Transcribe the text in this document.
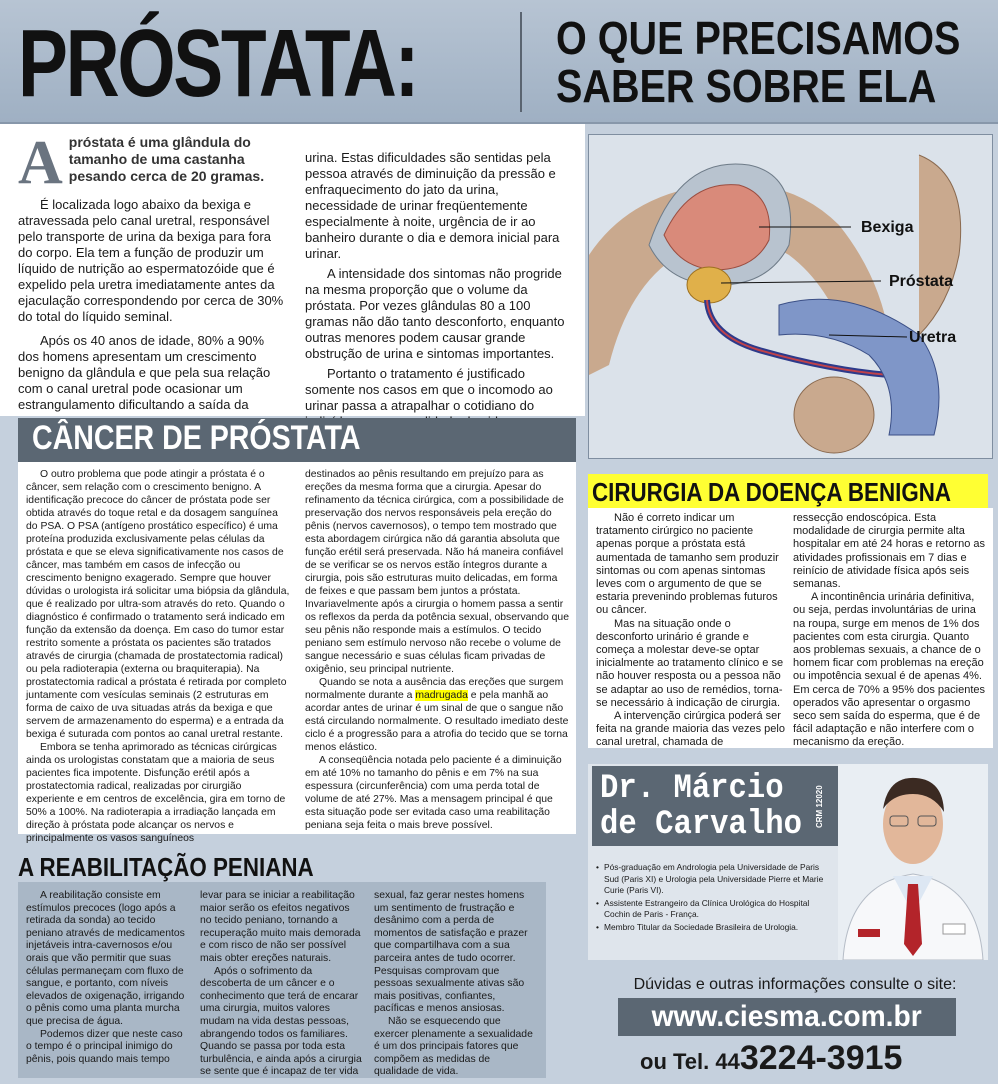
PRÓSTATA:	O QUE PRECISAMOS
SABER SOBRE ELA

A próstata é uma glândula do tamanho de uma castanha pesando cerca de 20 gramas.

É localizada logo abaixo da bexiga e atravessada pelo canal uretral, responsável pelo transporte de urina da bexiga para fora do corpo. Ela tem a função de produzir um líquido de nutrição ao espermatozóide que é expelido pela uretra imediatamente antes da ejaculação correspondendo por cerca de 30% do total do líquido seminal.

Após os 40 anos de idade, 80% a 90% dos homens apresentam um crescimento benigno da glândula e que pela sua relação com o canal uretral pode ocasionar um estrangulamento dificultando a saída da

urina. Estas dificuldades são sentidas pela pessoa através de diminuição da pressão e enfraquecimento do jato da urina, necessidade de urinar freqüentemente especialmente à noite, urgência de ir ao banheiro durante o dia e demora inicial para urinar.

A intensidade dos sintomas não progride na mesma proporção que o volume da próstata. Por vezes glândulas 80 a 100 gramas não dão tanto desconforto, enquanto outras menores podem causar grande obstrução de urina e sintomas importantes.

Portanto o tratamento é justificado somente nos casos em que o incomodo ao urinar passa a atrapalhar o cotidiano do

Bexiga
Próstata
Uretra
CÂNCER DE PRÓSTATA

O outro problema que pode atingir a próstata é o câncer, sem relação com o crescimento benigno. A identificação precoce do câncer de próstata pode ser obtida através do toque retal e da dosagem sanguínea do PSA. O PSA (antígeno prostático específico) é uma proteína produzida exclusivamente pelas células da próstata e que se eleva significativamente nos casos de câncer, mas também em casos de infecção ou crescimento benigno exagerado. Sempre que houver dúvidas o urologista irá solicitar uma biópsia da glândula, que é realizado por ultra-som através do reto. Quando o diagnóstico é confirmado o tratamento será indicado em função da extensão da doença. Em caso do tumor estar restrito somente a próstata os pacientes são tratados através de cirurgia (chamada de prostatectomia radical) ou pela radioterapia (externa ou braquiterapia). Na prostatectomia radical a próstata é retirada por completo juntamente com vesículas seminais (2 estruturas em forma de caixo de uva situadas atrás da bexiga e que servem de armazenamento do esperma) e a entrada da bexiga é suturada com pontos ao canal uretral restante.

Embora se tenha aprimorado as técnicas cirúrgicas ainda os urologistas constatam que a maioria de seus pacientes fica impotente. Disfunção erétil após a prostatectomia radical, realizadas por cirurgião experiente e em centros de excelência, gira em torno de 50% a 100%. Na radioterapia a irradiação lançada em direção à próstata pode alcançar os nervos e principalmente os vasos sanguíneos

destinados ao pênis resultando em prejuízo para as ereções da mesma forma que a cirurgia. Apesar do refinamento da técnica cirúrgica, com a possibilidade de preservação dos nervos responsáveis pela ereção do pênis (nervos cavernosos), o tempo tem mostrado que esta abordagem cirúrgica não dá garantia absoluta que função erétil será preservada. Não há maneira confiável de se verificar se os nervos estão íntegros durante a cirurgia, pois são estruturas muito delicadas, em forma de feixes e que passam bem juntos a próstata. Invariavelmente após a cirurgia o homem passa a sentir os reflexos da perda da potência sexual, observando que seu pênis não responde mais a estímulos. O tecido peniano sem estímulo nervoso não recebe o volume de sangue necessário e suas células ficam privadas de oxigênio, seu principal nutriente.

Quando se nota a ausência das ereções que surgem normalmente durante a madrugada e pela manhã ao acordar antes de urinar é um sinal de que o sangue não está circulando normalmente. O resultado imediato deste ciclo é a progressão para a atrofia do tecido que se torna menos elástico.

A conseqüência notada pelo paciente é a diminuição em até 10% no tamanho do pênis e em 7% na sua espessura (circunferência) com uma perda total de volume de até 27%. Mas a mensagem principal é que esta situação pode ser evitada caso uma reabilitação peniana seja feita o mais breve possível.

CIRURGIA DA DOENÇA BENIGNA

Não é correto indicar um tratamento cirúrgico no paciente apenas porque a próstata está aumentada de tamanho sem produzir sintomas ou com apenas sintomas leves com o argumento de que se estaria prevenindo problemas futuros ou câncer.

Mas na situação onde o desconforto urinário é grande e começa a molestar deve-se optar inicialmente ao tratamento clínico e se não houver resposta ou a pessoa não se adaptar ao uso de remédios, torna-se necessário à indicação de cirurgia.

A intervenção cirúrgica poderá ser feita na grande maioria das vezes pelo canal uretral, chamada de

ressecção endoscópica. Esta modalidade de cirurgia permite alta hospitalar em até 24 horas e retorno as atividades profissionais em 7 dias e reinício de atividade física após seis semanas.

A incontinência urinária definitiva, ou seja, perdas involuntárias de urina na roupa, surge em menos de 1% dos pacientes com esta cirurgia. Quanto aos problemas sexuais, a chance de o homem ficar com problemas na ereção ou impotência sexual é de apenas 4%. Em cerca de 70% a 95% dos pacientes operados vão apresentar o orgasmo seco sem saída do esperma, que é de fácil adaptação e não interfere com o mecanismo da ereção.

Dr. Márcio
de Carvalho	CRM 12020
• Pós-graduação em Andrologia pela Universidade de Paris Sud (Paris XI) e Urologia pela Universidade Pierre et Marie Curie (Paris VI).
• Assistente Estrangeiro da Clínica Urológica do Hospital Cochin de Paris - França.
• Membro Titular da Sociedade Brasileira de Urologia.
Dúvidas e outras informações consulte o site:
www.ciesma.com.br
ou Tel. 443224-3915
A REABILITAÇÃO PENIANA

A reabilitação consiste em estímulos precoces (logo após a retirada da sonda) ao tecido peniano através de medicamentos injetáveis intra-cavernosos e/ou orais que vão permitir que suas células permaneçam com fluxo de sangue, e portanto, com níveis elevados de oxigenação, irrigando o pênis como uma planta murcha que precisa de água.

Podemos dizer que neste caso o tempo é o principal inimigo do pênis, pois quando mais tempo

levar para se iniciar a reabilitação maior serão os efeitos negativos no tecido peniano, tornando a recuperação muito mais demorada e com risco de não ser possível mais obter ereções naturais.

Após o sofrimento da descoberta de um câncer e o conhecimento que terá de encarar uma cirurgia, muitos valores mudam na vida destas pessoas, abrangendo todos os familiares. Quando se passa por toda esta turbulência, e ainda após a cirurgia se sente que é incapaz de ter vida

sexual, faz gerar nestes homens um sentimento de frustração e desânimo com a perda de momentos de satisfação e prazer que compartilhava com a sua parceira antes de tudo ocorrer. Pesquisas comprovam que pessoas sexualmente ativas são mais positivas, confiantes, pacíficas e menos ansiosas.

Não se esquecendo que exercer plenamente a sexualidade é um dos principais fatores que compõem as medidas de qualidade de vida.
